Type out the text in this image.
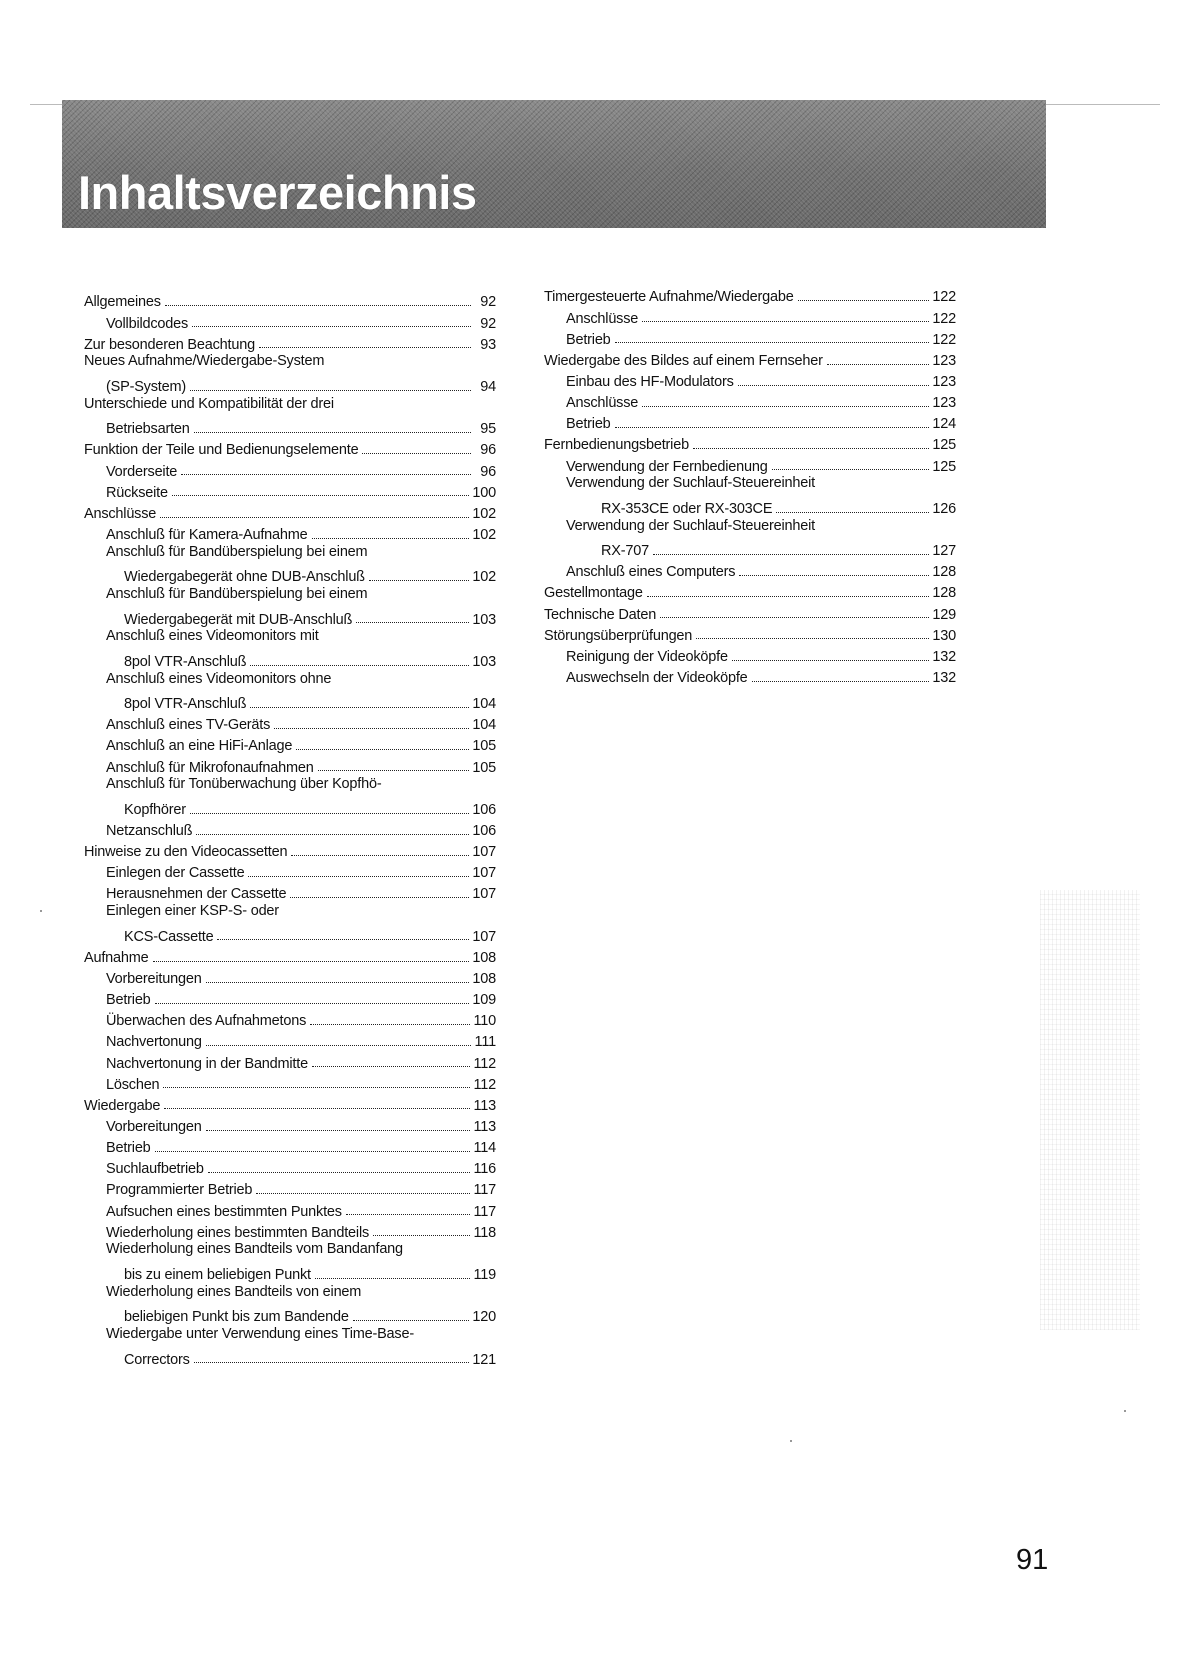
Inhaltsverzeichnis
Allgemeines	92
Vollbildcodes	92
Zur besonderen Beachtung	93
Neues Aufnahme/Wiedergabe-System
(SP-System)	94
Unterschiede und Kompatibilität der drei
Betriebsarten	95
Funktion der Teile und Bedienungselemente	96
Vorderseite	96
Rückseite	100
Anschlüsse	102
Anschluß für Kamera-Aufnahme	102
Anschluß für Bandüberspielung bei einem
Wiedergabegerät ohne DUB-Anschluß	102
Anschluß für Bandüberspielung bei einem
Wiedergabegerät mit DUB-Anschluß	103
Anschluß eines Videomonitors mit
8pol VTR-Anschluß	103
Anschluß eines Videomonitors ohne
8pol VTR-Anschluß	104
Anschluß eines TV-Geräts	104
Anschluß an eine HiFi-Anlage	105
Anschluß für Mikrofonaufnahmen	105
Anschluß für Tonüberwachung über Kopfhö-
Kopfhörer	106
Netzanschluß	106
Hinweise zu den Videocassetten	107
Einlegen der Cassette	107
Herausnehmen der Cassette	107
Einlegen einer KSP-S- oder
KCS-Cassette	107
Aufnahme	108
Vorbereitungen	108
Betrieb	109
Überwachen des Aufnahmetons	110
Nachvertonung	111
Nachvertonung in der Bandmitte	112
Löschen	112
Wiedergabe	113
Vorbereitungen	113
Betrieb	114
Suchlaufbetrieb	116
Programmierter Betrieb	117
Aufsuchen eines bestimmten Punktes	117
Wiederholung eines bestimmten Bandteils	118
Wiederholung eines Bandteils vom Bandanfang
bis zu einem beliebigen Punkt	119
Wiederholung eines Bandteils von einem
beliebigen Punkt bis zum Bandende	120
Wiedergabe unter Verwendung eines Time-Base-
Correctors	121
Timergesteuerte Aufnahme/Wiedergabe	122
Anschlüsse	122
Betrieb	122
Wiedergabe des Bildes auf einem Fernseher	123
Einbau des HF-Modulators	123
Anschlüsse	123
Betrieb	124
Fernbedienungsbetrieb	125
Verwendung der Fernbedienung	125
Verwendung der Suchlauf-Steuereinheit
RX-353CE oder RX-303CE	126
Verwendung der Suchlauf-Steuereinheit
RX-707	127
Anschluß eines Computers	128
Gestellmontage	128
Technische Daten	129
Störungsüberprüfungen	130
Reinigung der Videoköpfe	132
Auswechseln der Videoköpfe	132
91
